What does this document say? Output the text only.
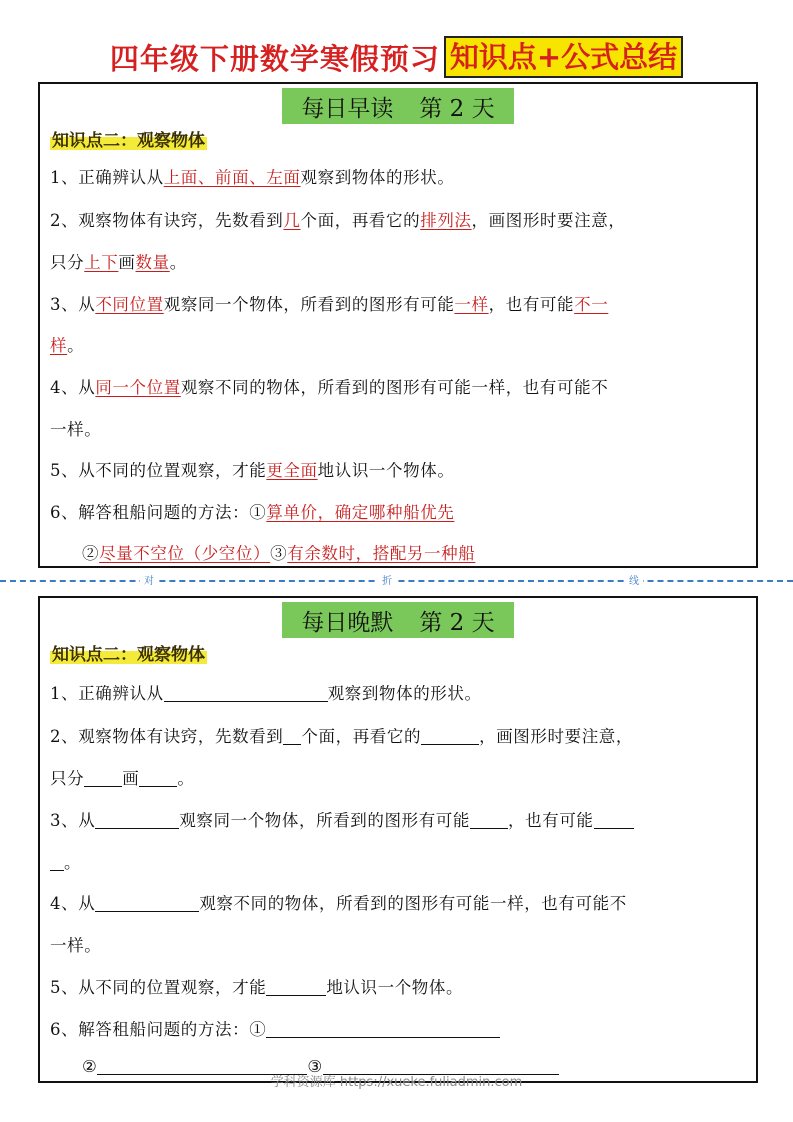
四年级下册数学寒假预习 知识点+公式总结
每日早读 第 2 天
知识点二：观察物体
1、正确辨认从上面、前面、左面观察到物体的形状。
2、观察物体有诀窍，先数看到几个面，再看它的排列法，画图形时要注意，
只分上下画数量。
3、从不同位置观察同一个物体，所看到的图形有可能一样，也有可能不一
样。
4、从同一个位置观察不同的物体，所看到的图形有可能一样，也有可能不
一样。
5、从不同的位置观察，才能更全面地认识一个物体。
6、解答租船问题的方法：①算单价，确定哪种船优先
②尽量不空位（少空位）③有余数时，搭配另一种船
对	折	线
每日晚默 第 2 天
知识点二：观察物体
1、正确辨认从	观察到物体的形状。
2、观察物体有诀窍，先数看到 个面，再看它的	，画图形时要注意，
只分 画 。
3、从	观察同一个物体，所看到的图形有可能 ，也有可能
。
4、从	观察不同的物体，所看到的图形有可能一样，也有可能不
一样。
5、从不同的位置观察，才能	地认识一个物体。
6、解答租船问题的方法：①
②	③
学科资源库 https://xueke.fuliadmin.com
